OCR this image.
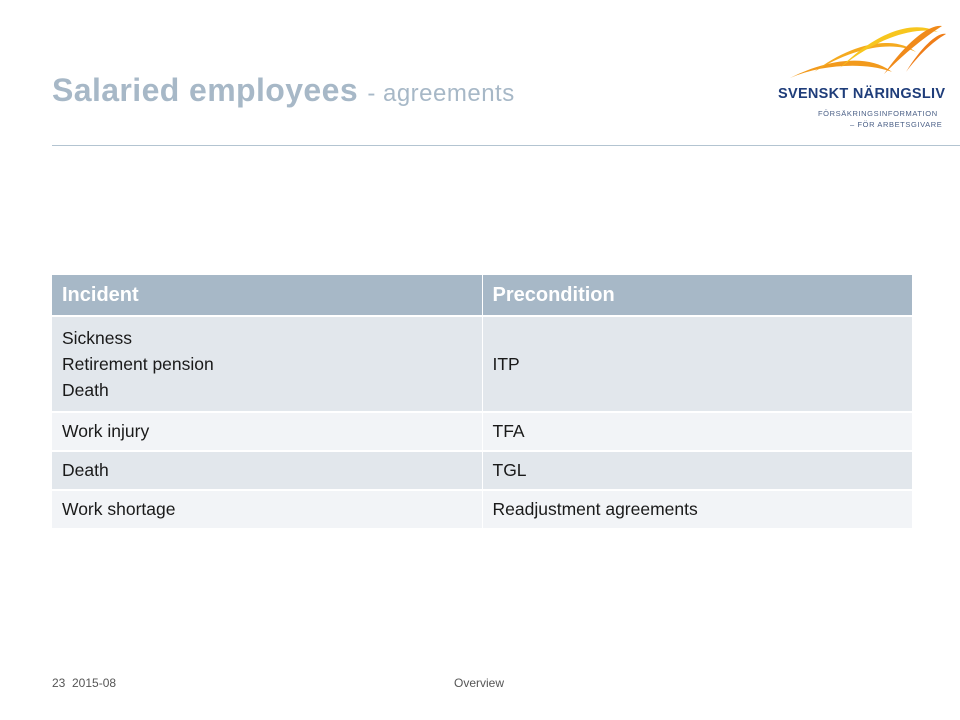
Salaried employees - agreements	SVENSKT NÄRINGSLIV

FÖRSÄKRINGSINFORMATION

– FÖR ARBETSGIVARE

Incident	Precondition

Sickness
Retirement pension
Death	ITP

Work injury	TFA

Death	TGL

Work shortage	Readjustment agreements

23 2015-08	Overview
